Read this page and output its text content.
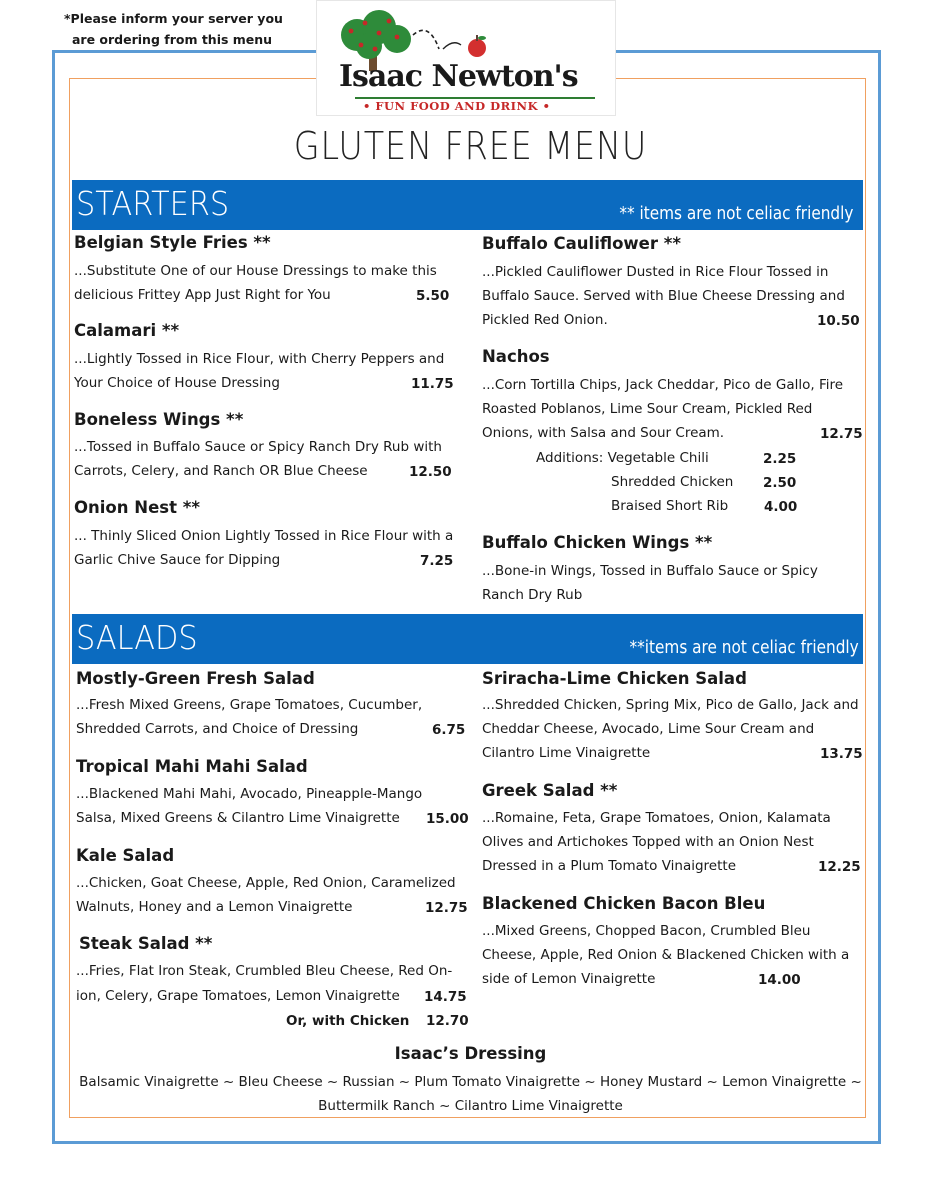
*Please inform your server you
are ordering from this menu
Isaac Newton's
• FUN FOOD AND DRINK •
GLUTEN FREE MENU
STARTERS	** items are not celiac friendly
Belgian Style Fries **
...Substitute One of our House Dressings to make this
delicious Frittey App Just Right for You	5.50
Calamari **
...Lightly Tossed in Rice Flour, with Cherry Peppers and
Your Choice of House Dressing	11.75
Boneless Wings **
...Tossed in Buffalo Sauce or Spicy Ranch Dry Rub with
Carrots, Celery, and Ranch OR Blue Cheese	12.50
Onion Nest **
... Thinly Sliced Onion Lightly Tossed in Rice Flour with a
Garlic Chive Sauce for Dipping	7.25
Buffalo Cauliflower **
...Pickled Cauliflower Dusted in Rice Flour Tossed in
Buffalo Sauce. Served with Blue Cheese Dressing and
Pickled Red Onion.	10.50
Nachos
...Corn Tortilla Chips, Jack Cheddar, Pico de Gallo, Fire
Roasted Poblanos, Lime Sour Cream, Pickled Red
Onions, with Salsa and Sour Cream.	12.75
Additions: Vegetable Chili	2.25
Shredded Chicken 2.50
Braised Short Rib	4.00
Buffalo Chicken Wings **
...Bone-in Wings, Tossed in Buffalo Sauce or Spicy
Ranch Dry Rub
SALADS	**items are not celiac friendly
Mostly-Green Fresh Salad
...Fresh Mixed Greens, Grape Tomatoes, Cucumber,
Shredded Carrots, and Choice of Dressing	6.75
Tropical Mahi Mahi Salad
...Blackened Mahi Mahi, Avocado, Pineapple-Mango
Salsa, Mixed Greens & Cilantro Lime Vinaigrette 15.00
Kale Salad
...Chicken, Goat Cheese, Apple, Red Onion, Caramelized
Walnuts, Honey and a Lemon Vinaigrette	12.75
Steak Salad **
...Fries, Flat Iron Steak, Crumbled Bleu Cheese, Red On-
ion, Celery, Grape Tomatoes, Lemon Vinaigrette 14.75
Or, with Chicken 12.70
Sriracha-Lime Chicken Salad
...Shredded Chicken, Spring Mix, Pico de Gallo, Jack and
Cheddar Cheese, Avocado, Lime Sour Cream and
Cilantro Lime Vinaigrette	13.75
Greek Salad **
...Romaine, Feta, Grape Tomatoes, Onion, Kalamata
Olives and Artichokes Topped with an Onion Nest
Dressed in a Plum Tomato Vinaigrette	12.25
Blackened Chicken Bacon Bleu
...Mixed Greens, Chopped Bacon, Crumbled Bleu
Cheese, Apple, Red Onion & Blackened Chicken with a
side of Lemon Vinaigrette	14.00
Isaac’s Dressing
Balsamic Vinaigrette ~ Bleu Cheese ~ Russian ~ Plum Tomato Vinaigrette ~ Honey Mustard ~ Lemon Vinaigrette ~
Buttermilk Ranch ~ Cilantro Lime Vinaigrette
